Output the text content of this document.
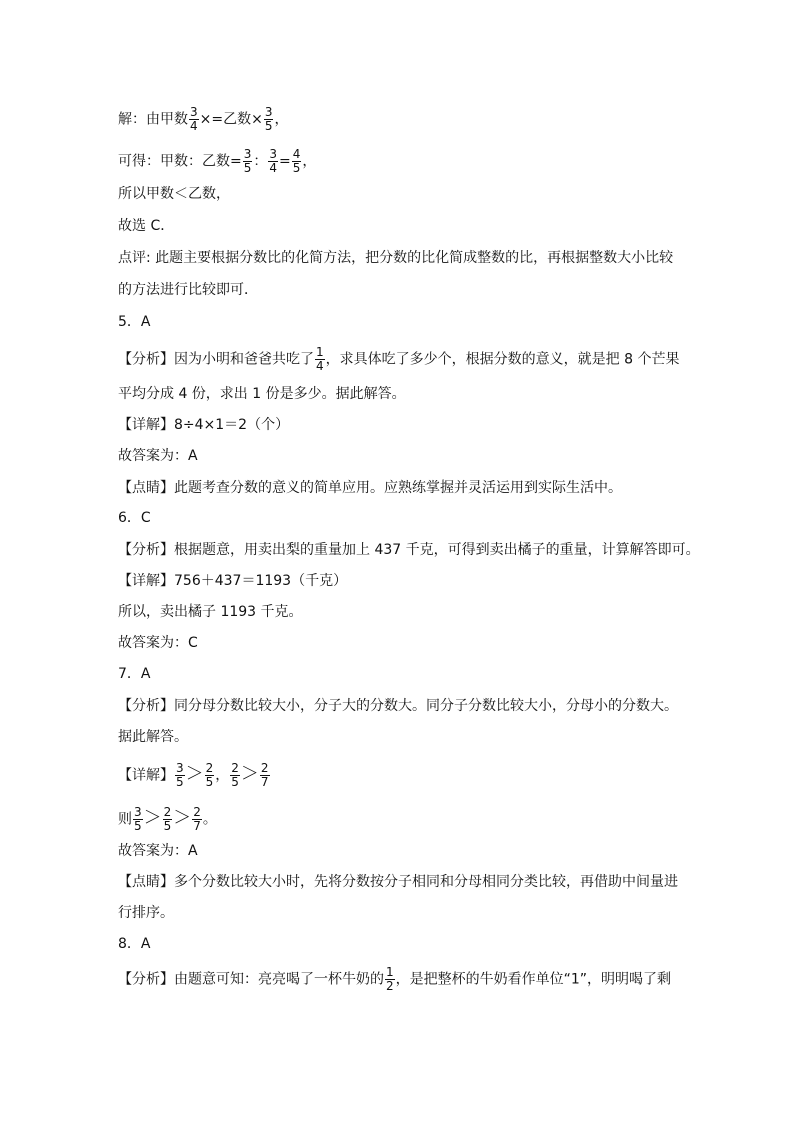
解：由甲数 $\frac{3}{4}$ ×=乙数× $\frac{3}{5}$ ，
可得：甲数：乙数= $\frac{3}{5}$ ： $\frac{3}{4} = \frac{4}{5}$ ，
所以甲数＜乙数，
故选 C．
点评: 此题主要根据分数比的化简方法，把分数的比化简成整数的比，再根据整数大小比较
的方法进行比较即可．
5．A
【分析】因为小明和爸爸共吃了 $\frac{1}{4}$ ，求具体吃了多少个，根据分数的意义，就是把 8 个芒果
平均分成 4 份，求出 1 份是多少。据此解答。
【详解】8÷4×1＝2（个）
故答案为：A
【点睛】此题考查分数的意义的简单应用。应熟练掌握并灵活运用到实际生活中。
6．C
【分析】根据题意，用卖出梨的重量加上 437 千克，可得到卖出橘子的重量，计算解答即可。
【详解】756＋437＝1193（千克）
所以，卖出橘子 1193 千克。
故答案为：C
7．A
【分析】同分母分数比较大小，分子大的分数大。同分子分数比较大小，分母小的分数大。
据此解答。
【详解】 $\frac{3}{5} > \frac{2}{5}$ ， $\frac{2}{5} > \frac{2}{7}$
则 $\frac{3}{5} > \frac{2}{5} > \frac{2}{7}$ 。
故答案为：A
【点睛】多个分数比较大小时，先将分数按分子相同和分母相同分类比较，再借助中间量进
行排序。
8．A
【分析】由题意可知：亮亮喝了一杯牛奶的 $\frac{1}{2}$ ，是把整杯的牛奶看作单位“1”，明明喝了剩
